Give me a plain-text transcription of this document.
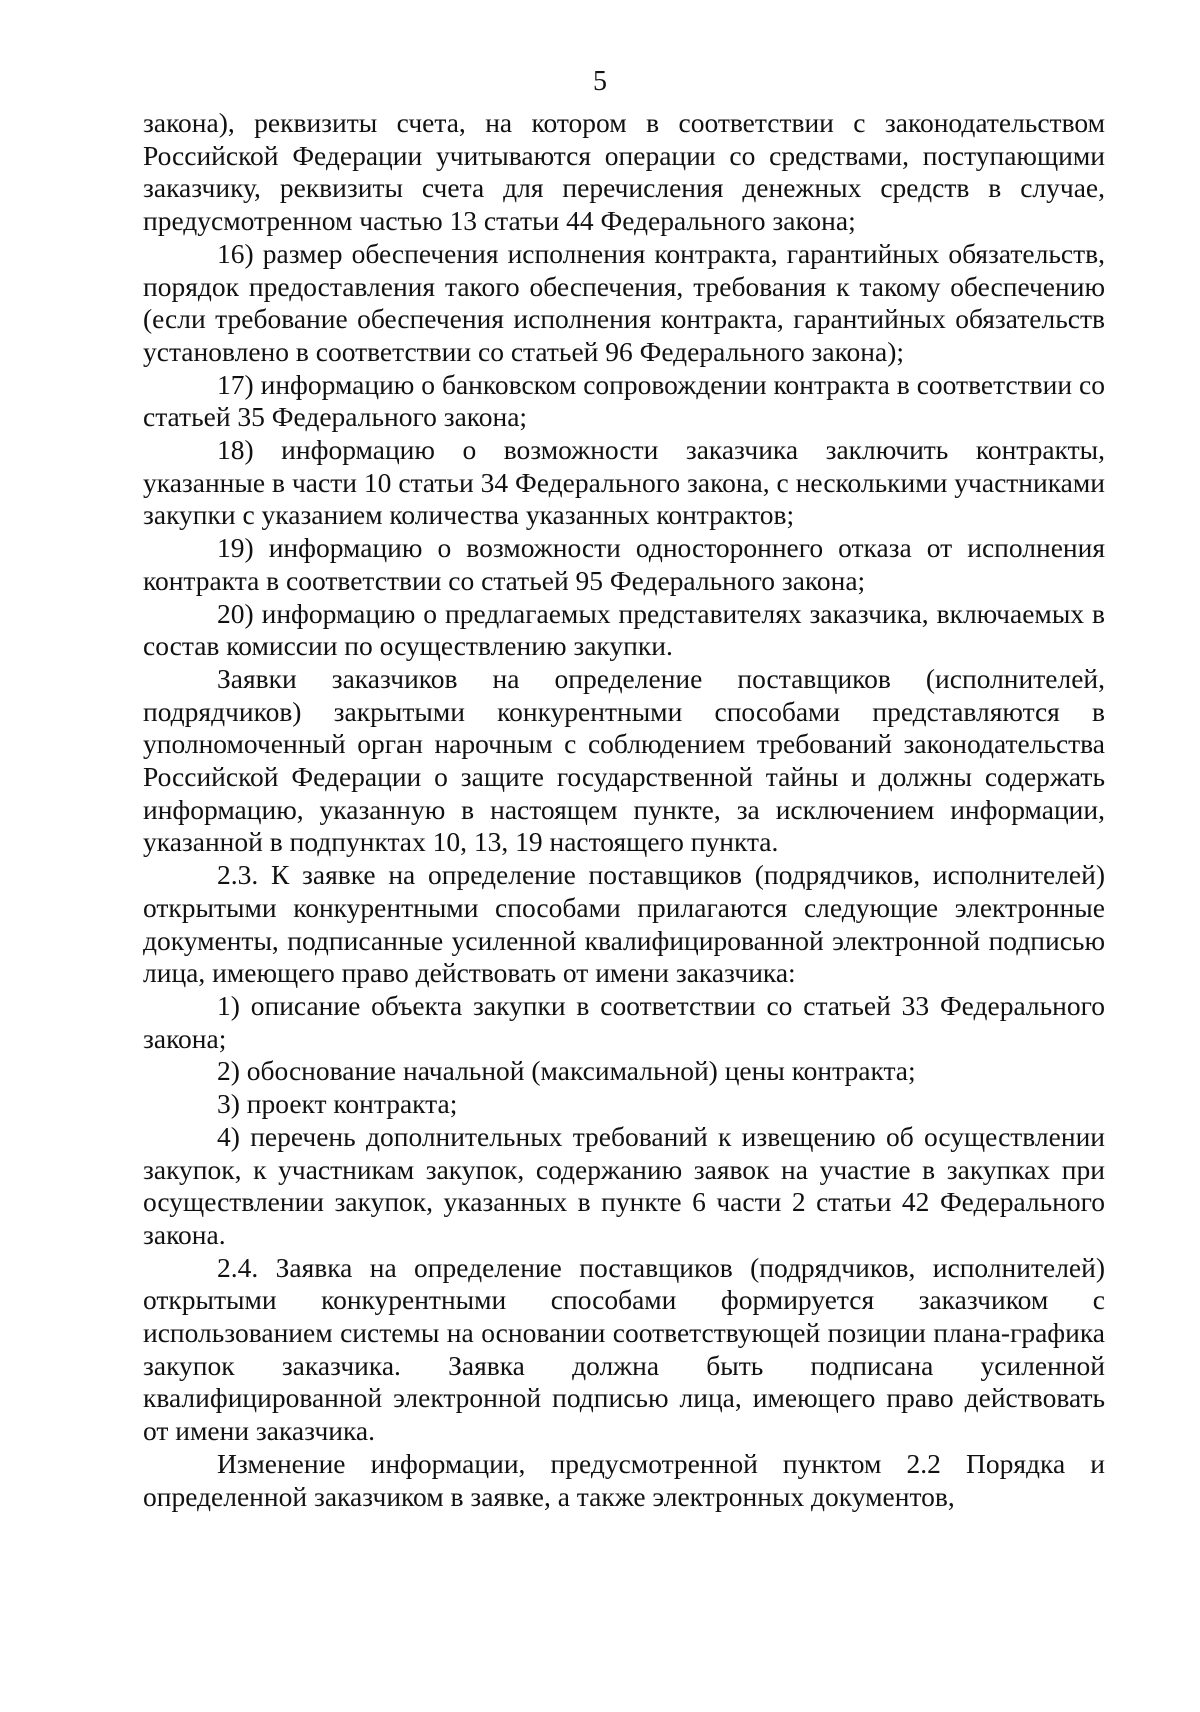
5

закона), реквизиты счета, на котором в соответствии с законодательством Российской Федерации учитываются операции со средствами, поступающими заказчику, реквизиты счета для перечисления денежных средств в случае, предусмотренном частью 13 статьи 44 Федерального закона;

16) размер обеспечения исполнения контракта, гарантийных обязательств, порядок предоставления такого обеспечения, требования к такому обеспечению (если требование обеспечения исполнения контракта, гарантийных обязательств установлено в соответствии со статьей 96 Федерального закона);

17) информацию о банковском сопровождении контракта в соответствии со статьей 35 Федерального закона;

18) информацию о возможности заказчика заключить контракты, указанные в части 10 статьи 34 Федерального закона, с несколькими участниками закупки с указанием количества указанных контрактов;

19) информацию о возможности одностороннего отказа от исполнения контракта в соответствии со статьей 95 Федерального закона;

20) информацию о предлагаемых представителях заказчика, включаемых в состав комиссии по осуществлению закупки.

Заявки заказчиков на определение поставщиков (исполнителей, подрядчиков) закрытыми конкурентными способами представляются в уполномоченный орган нарочным с соблюдением требований законодательства Российской Федерации о защите государственной тайны и должны содержать информацию, указанную в настоящем пункте, за исключением информации, указанной в подпунктах 10, 13, 19 настоящего пункта.

2.3. К заявке на определение поставщиков (подрядчиков, исполнителей) открытыми конкурентными способами прилагаются следующие электронные документы, подписанные усиленной квалифицированной электронной подписью лица, имеющего право действовать от имени заказчика:

1) описание объекта закупки в соответствии со статьей 33 Федерального закона;

2) обоснование начальной (максимальной) цены контракта;

3) проект контракта;

4) перечень дополнительных требований к извещению об осуществлении закупок, к участникам закупок, содержанию заявок на участие в закупках при осуществлении закупок, указанных в пункте 6 части 2 статьи 42 Федерального закона.

2.4. Заявка на определение поставщиков (подрядчиков, исполнителей) открытыми конкурентными способами формируется заказчиком с использованием системы на основании соответствующей позиции плана-графика закупок заказчика. Заявка должна быть подписана усиленной квалифицированной электронной подписью лица, имеющего право действовать от имени заказчика.

Изменение информации, предусмотренной пунктом 2.2 Порядка и определенной заказчиком в заявке, а также электронных документов,
